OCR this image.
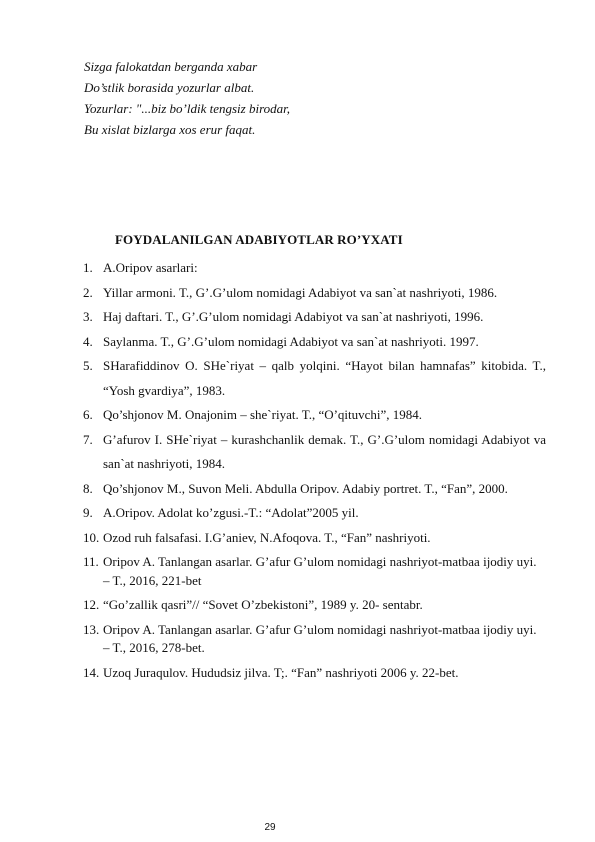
Sizga falokatdan berganda xabar
Do’stlik borasida yozurlar albat.
Yozurlar: "...biz bo’ldik tengsiz birodar,
Bu xislat bizlarga xos erur faqat.
FOYDALANILGAN ADABIYOTLAR RO’YXATI
1. A.Oripov asarlari:
2. Yillar armoni. T., G’.G’ulom nomidagi Adabiyot va san`at nashriyoti, 1986.
3. Haj daftari. T., G’.G’ulom nomidagi Adabiyot va san`at nashriyoti, 1996.
4. Saylanma. T., G’.G’ulom nomidagi Adabiyot va san`at nashriyoti. 1997.
5. SHarafiddinov O. SHe`riyat – qalb yolqini. “Hayot bilan hamnafas” kitobida. T., “Yosh gvardiya”, 1983.
6. Qo’shjonov M. Onajonim – she`riyat. T., “O’qituvchi”, 1984.
7. G’afurov I. SHe`riyat – kurashchanlik demak. T., G’.G’ulom nomidagi Adabiyot va san`at nashriyoti, 1984.
8. Qo’shjonov M., Suvon Meli. Abdulla Oripov. Adabiy portret. T., “Fan”, 2000.
9. A.Oripov. Adolat ko’zgusi.-T.: “Adolat”2005 yil.
10. Ozod ruh falsafasi. I.G’aniev, N.Afoqova. T., “Fan” nashriyoti.
11. Oripov A. Tanlangan asarlar. G’afur G’ulom nomidagi nashriyot-matbaa ijodiy uyi. – T., 2016, 221-bet
12. “Go’zallik qasri”// “Sovet O’zbekistoni”, 1989 y. 20- sentabr.
13. Oripov A. Tanlangan asarlar. G’afur G’ulom nomidagi nashriyot-matbaa ijodiy uyi. – T., 2016, 278-bet.
14. Uzoq Juraqulov. Hududsiz jilva. T;. “Fan” nashriyoti 2006 y. 22-bet.
29
